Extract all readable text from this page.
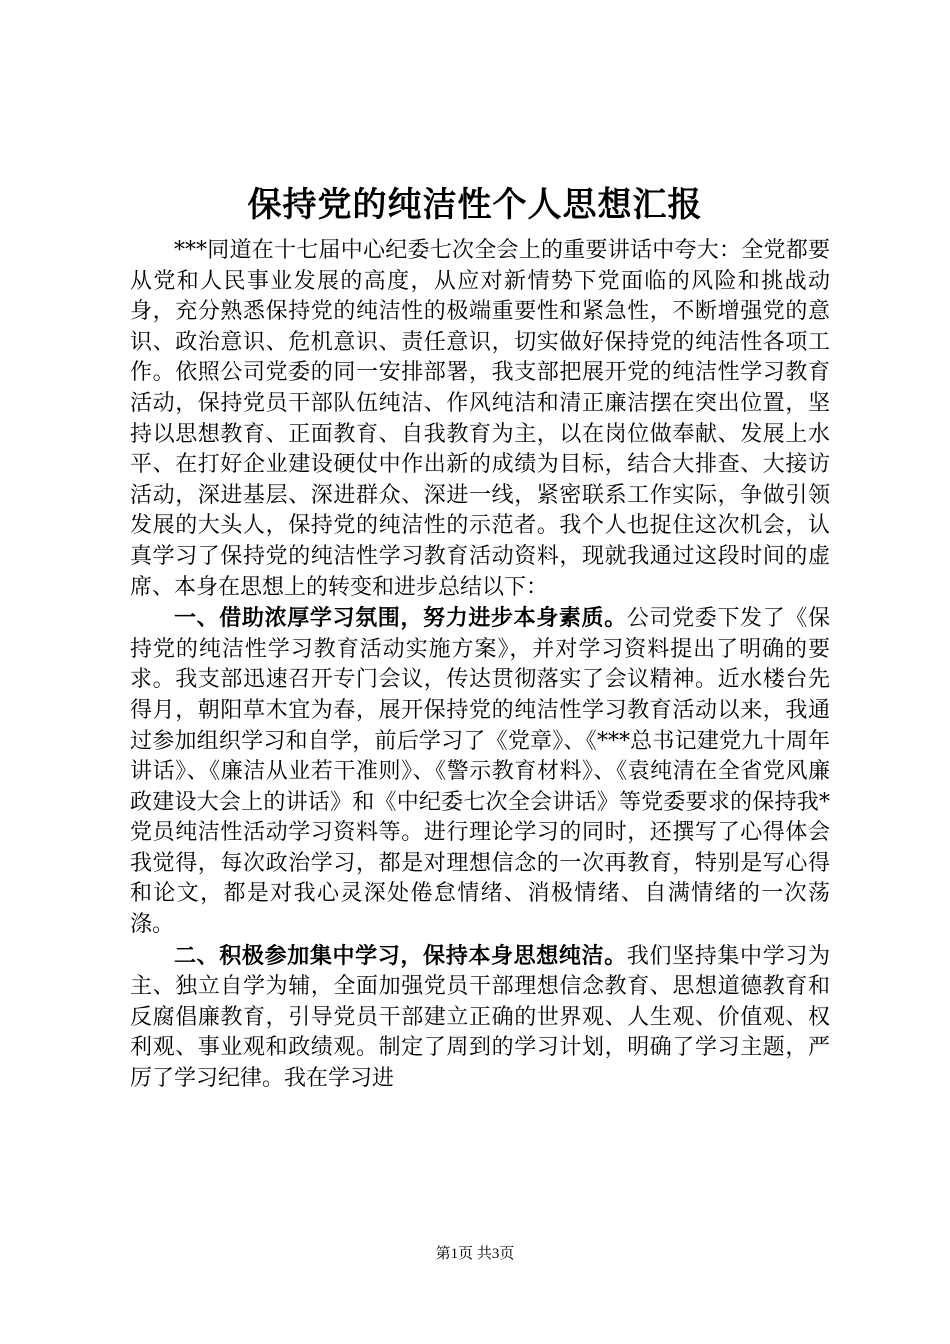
保持党的纯洁性个人思想汇报

***同道在十七届中心纪委七次全会上的重要讲话中夸大：全党都要从党和人民事业发展的高度，从应对新情势下党面临的风险和挑战动身，充分熟悉保持党的纯洁性的极端重要性和紧急性，不断增强党的意识、政治意识、危机意识、责任意识，切实做好保持党的纯洁性各项工作。依照公司党委的同一安排部署，我支部把展开党的纯洁性学习教育活动，保持党员干部队伍纯洁、作风纯洁和清正廉洁摆在突出位置，坚持以思想教育、正面教育、自我教育为主，以在岗位做奉献、发展上水平、在打好企业建设硬仗中作出新的成绩为目标，结合大排查、大接访活动，深进基层、深进群众、深进一线，紧密联系工作实际，争做引领发展的大头人，保持党的纯洁性的示范者。我个人也捉住这次机会，认真学习了保持党的纯洁性学习教育活动资料，现就我通过这段时间的虚席、本身在思想上的转变和进步总结以下：

一、借助浓厚学习氛围，努力进步本身素质。公司党委下发了《保持党的纯洁性学习教育活动实施方案》，并对学习资料提出了明确的要求。我支部迅速召开专门会议，传达贯彻落实了会议精神。近水楼台先得月，朝阳草木宜为春，展开保持党的纯洁性学习教育活动以来，我通过参加组织学习和自学，前后学习了《党章》、《***总书记建党九十周年讲话》、《廉洁从业若干准则》、《警示教育材料》、《袁纯清在全省党风廉政建设大会上的讲话》和《中纪委七次全会讲话》等党委要求的保持我*党员纯洁性活动学习资料等。进行理论学习的同时，还撰写了心得体会我觉得，每次政治学习，都是对理想信念的一次再教育，特别是写心得和论文，都是对我心灵深处倦怠情绪、消极情绪、自满情绪的一次荡涤。

二、积极参加集中学习，保持本身思想纯洁。我们坚持集中学习为主、独立自学为辅，全面加强党员干部理想信念教育、思想道德教育和反腐倡廉教育，引导党员干部建立正确的世界观、人生观、价值观、权利观、事业观和政绩观。制定了周到的学习计划，明确了学习主题，严厉了学习纪律。我在学习进

第1页 共3页
